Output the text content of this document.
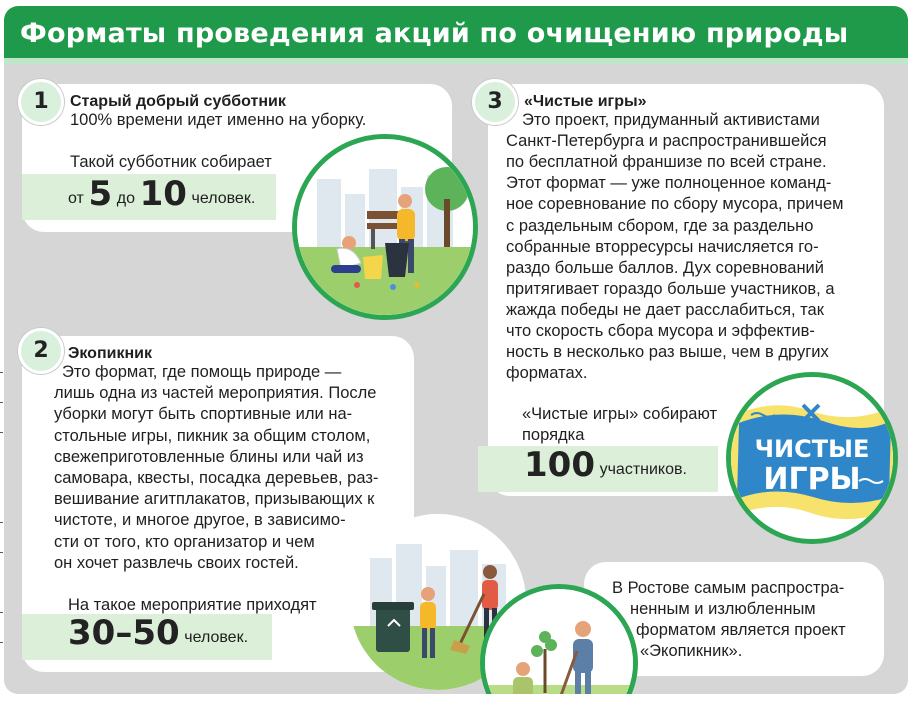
Форматы проведения акций по очищению природы
1	Старый добрый субботник
100% времени идет именно на уборку.
Такой субботник собирает
от 5 до 10 человек.
2	Экопикник
Это формат, где помощь природе —
лишь одна из частей мероприятия. После
уборки могут быть спортивные или на-
стольные игры, пикник за общим столом,
свежеприготовленные блины или чай из
самовара, квесты, посадка деревьев, раз-
вешивание агитплакатов, призывающих к
чистоте, и многое другое, в зависимо-
сти от того, кто организатор и чем
он хочет развлечь своих гостей.
На такое мероприятие приходят
30–50 человек.
3	«Чистые игры»
Это проект, придуманный активистами
Санкт-Петербурга и распространившейся
по бесплатной франшизе по всей стране.
Этот формат — уже полноценное команд-
ное соревнование по сбору мусора, причем
с раздельным сбором, где за раздельно
собранные вторресурсы начисляется го-
раздо больше баллов. Дух соревнований
притягивает гораздо больше участников, а
жажда победы не дает расслабиться, так
что скорость сбора мусора и эффектив-
ность в несколько раз выше, чем в других
форматах.
«Чистые игры» собирают
порядка
100 участников.
В Ростове самым распростра-
ненным и излюбленным
форматом является проект
«Экопикник».
ЧИСТЫЕ
ИГРЫ
